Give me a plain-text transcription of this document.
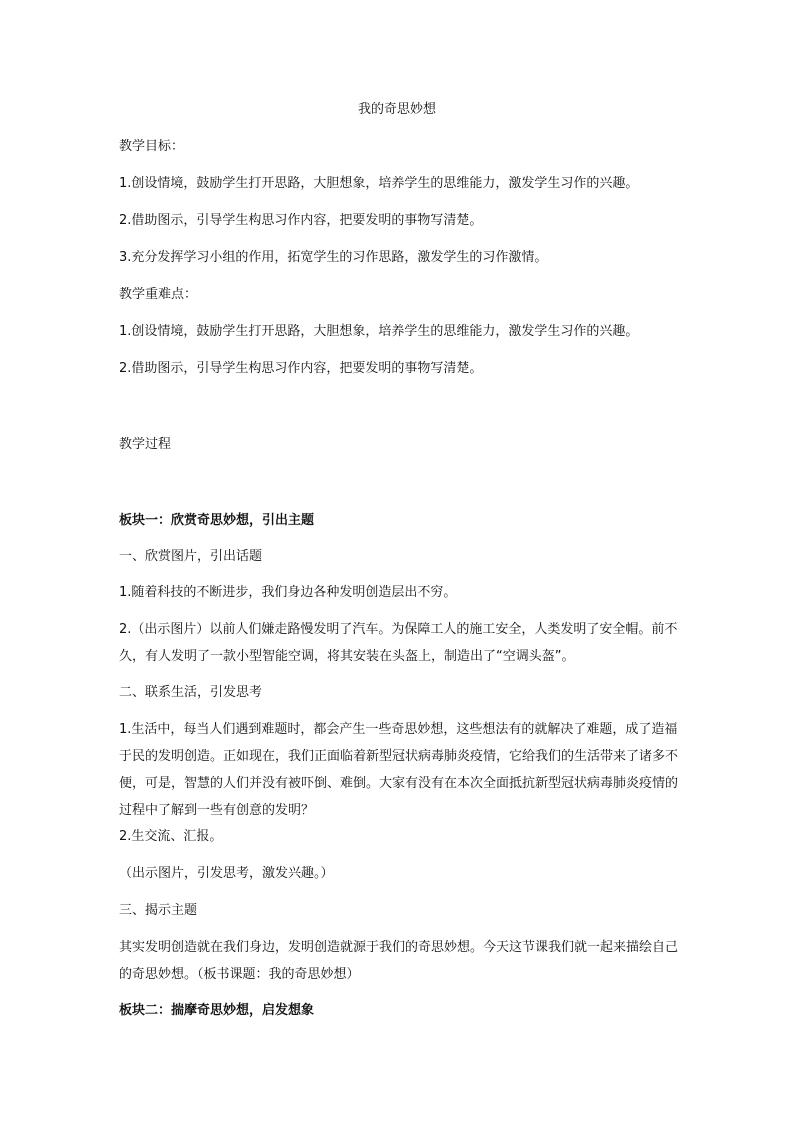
我的奇思妙想

教学目标：

1.创设情境，鼓励学生打开思路，大胆想象，培养学生的思维能力，激发学生习作的兴趣。

2.借助图示，引导学生构思习作内容，把要发明的事物写清楚。

3.充分发挥学习小组的作用，拓宽学生的习作思路，激发学生的习作激情。

教学重难点：

1.创设情境，鼓励学生打开思路，大胆想象，培养学生的思维能力，激发学生习作的兴趣。

2.借助图示，引导学生构思习作内容，把要发明的事物写清楚。

教学过程

板块一：欣赏奇思妙想，引出主题

一、欣赏图片，引出话题

1.随着科技的不断进步，我们身边各种发明创造层出不穷。

2.（出示图片）以前人们嫌走路慢发明了汽车。为保障工人的施工安全，人类发明了安全帽。前不久，有人发明了一款小型智能空调，将其安装在头盔上，制造出了“空调头盔”。

二、联系生活，引发思考

1.生活中，每当人们遇到难题时，都会产生一些奇思妙想，这些想法有的就解决了难题，成了造福于民的发明创造。正如现在，我们正面临着新型冠状病毒肺炎疫情，它给我们的生活带来了诸多不便，可是，智慧的人们并没有被吓倒、难倒。大家有没有在本次全面抵抗新型冠状病毒肺炎疫情的过程中了解到一些有创意的发明？

2.生交流、汇报。

（出示图片，引发思考，激发兴趣。）

三、揭示主题

其实发明创造就在我们身边，发明创造就源于我们的奇思妙想。今天这节课我们就一起来描绘自己的奇思妙想。（板书课题：我的奇思妙想）

板块二：揣摩奇思妙想，启发想象
